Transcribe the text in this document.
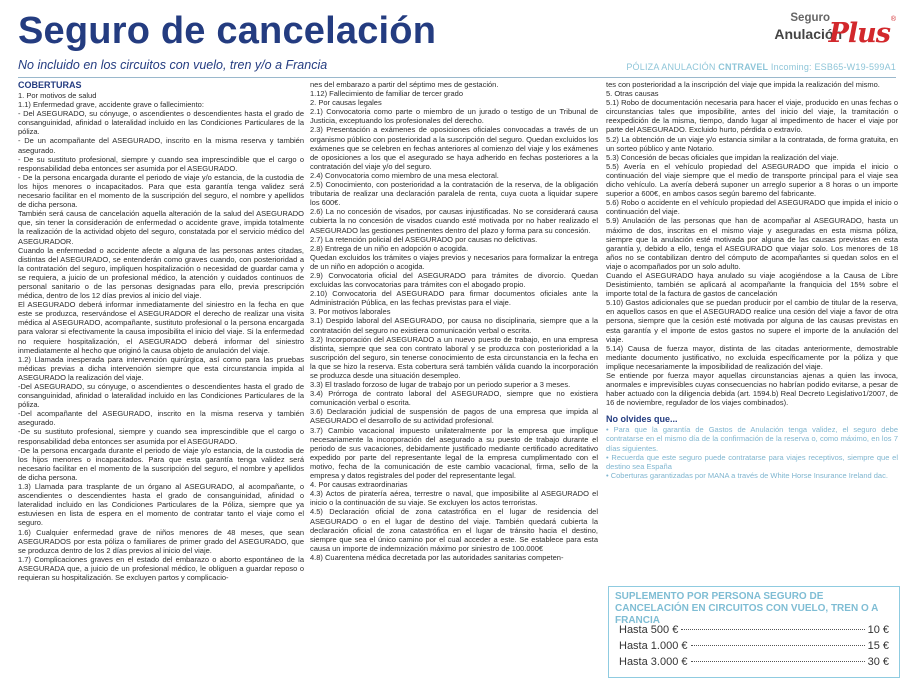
Seguro de cancelación
No incluido en los circuitos con vuelo, tren y/o a Francia	PÓLIZA ANULACIÓN CNTRAVEL Incoming: ESB65-W19-599A1
Seguro
Anulación
Plus ®

COBERTURAS

1. Por motivos de salud

1.1) Enfermedad grave, accidente grave o fallecimiento:

- Del ASEGURADO, su cónyuge, o ascendientes o descendientes hasta el grado de consanguinidad, afinidad o lateralidad incluido en las Condiciones Particulares de la póliza.

- De un acompañante del ASEGURADO, inscrito en la misma reserva y también asegurado.

- De su sustituto profesional, siempre y cuando sea imprescindible que el cargo o responsabilidad deba entonces ser asumida por el ASEGURADO.

- De la persona encargada durante el periodo de viaje y/o estancia, de la custodia de los hijos menores o incapacitados. Para que esta garantía tenga validez será necesario facilitar en el momento de la suscripción del seguro, el nombre y apellidos de dicha persona.

También será causa de cancelación aquella alteración de la salud del ASEGURADO que, sin tener la consideración de enfermedad o accidente grave, impida totalmente la realización de la actividad objeto del seguro, constatada por el servicio médico del ASEGURADOR.

Cuando la enfermedad o accidente afecte a alguna de las personas antes citadas, distintas del ASEGURADO, se entenderán como graves cuando, con posterioridad a la contratación del seguro, impliquen hospitalización o necesidad de guardar cama y se requiera, a juicio de un profesional médico, la atención y cuidados continuos de personal sanitario o de las personas designadas para ello, previa prescripción médica, dentro de los 12 días previos al inicio del viaje.

El ASEGURADO deberá informar inmediatamente del siniestro en la fecha en que este se produzca, reservándose el ASEGURADOR el derecho de realizar una visita médica al ASEGURADO, acompañante, sustituto profesional o la persona encargada para valorar si efectivamente la causa imposibilita el inicio del viaje. Si la enfermedad no requiere hospitalización, el ASEGURADO deberá informar del siniestro inmediatamente al hecho que originó la causa objeto de anulación del viaje.

1.2) Llamada inesperada para intervención quirúrgica, así como para las pruebas médicas previas a dicha intervención siempre que esta circunstancia impida al ASEGURADO la realización del viaje.

-Del ASEGURADO, su cónyuge, o ascendientes o descendientes hasta el grado de consanguinidad, afinidad o lateralidad incluido en las Condiciones Particulares de la póliza.

-Del acompañante del ASEGURADO, inscrito en la misma reserva y también asegurado.

-De su sustituto profesional, siempre y cuando sea imprescindible que el cargo o responsabilidad deba entonces ser asumida por el ASEGURADO.

-De la persona encargada durante el periodo de viaje y/o estancia, de la custodia de los hijos menores o incapacitados. Para que esta garantía tenga validez será necesario facilitar en el momento de la suscripción del seguro, el nombre y apellidos de dicha persona.

1.3) Llamada para trasplante de un órgano al ASEGURADO, al acompañante, o ascendientes o descendientes hasta el grado de consanguinidad, afinidad o lateralidad incluido en las Condiciones Particulares de la Póliza, siempre que ya estuviesen en lista de espera en el momento de contratar tanto el viaje como el seguro.

1.6) Cualquier enfermedad grave de niños menores de 48 meses, que sean ASEGURADOS por esta póliza o familiares de primer grado del ASEGURADO, que se produzca dentro de los 2 días previos al inicio del viaje.

1.7) Complicaciones graves en el estado del embarazo o aborto espontáneo de la ASEGURADA que, a juicio de un profesional médico, le obliguen a guardar reposo o requieran su hospitalización. Se excluyen partos y complicacio-

nes del embarazo a partir del séptimo mes de gestación.

1.12) Fallecimiento de familiar de tercer grado

2. Por causas legales

2.1) Convocatoria como parte o miembro de un jurado o testigo de un Tribunal de Justicia, exceptuando los profesionales del derecho.

2.3) Presentación a exámenes de oposiciones oficiales convocadas a través de un organismo público con posterioridad a la suscripción del seguro. Quedan excluidos los exámenes que se celebren en fechas anteriores al comienzo del viaje y los exámenes de oposiciones a los que el asegurado se haya adherido en fechas posteriores a la contratación del viaje y/o del seguro.

2.4) Convocatoria como miembro de una mesa electoral.

2.5) Conocimiento, con posterioridad a la contratación de la reserva, de la obligación tributaria de realizar una declaración paralela de renta, cuya cuota a liquidar supere los 600€.

2.6) La no concesión de visados, por causas injustificadas. No se considerará causa cubierta la no concesión de visados cuando esté motivada por no haber realizado el ASEGURADO las gestiones pertinentes dentro del plazo y forma para su concesión.

2.7) La retención policial del ASEGURADO por causas no delictivas.

2.8) Entrega de un niño en adopción o acogida.

Quedan excluidos los trámites o viajes previos y necesarios para formalizar la entrega de un niño en adopción o acogida.

2.9) Convocatoria oficial del ASEGURADO para trámites de divorcio. Quedan excluidas las convocatorias para trámites con el abogado propio.

2.10) Convocatoria del ASEGURADO para firmar documentos oficiales ante la Administración Pública, en las fechas previstas para el viaje.

3. Por motivos laborales

3.1) Despido laboral del ASEGURADO, por causa no disciplinaria, siempre que a la contratación del seguro no existiera comunicación verbal o escrita.

3.2) Incorporación del ASEGURADO a un nuevo puesto de trabajo, en una empresa distinta, siempre que sea con contrato laboral y se produzca con posterioridad a la suscripción del seguro, sin tenerse conocimiento de esta circunstancia en la fecha en la que se hizo la reserva. Esta cobertura será también válida cuando la incorporación se produzca desde una situación desempleo.

3.3) El traslado forzoso de lugar de trabajo por un periodo superior a 3 meses.

3.4) Prórroga de contrato laboral del ASEGURADO, siempre que no existiera comunicación verbal o escrita.

3.6) Declaración judicial de suspensión de pagos de una empresa que impida al ASEGURADO el desarrollo de su actividad profesional.

3.7) Cambio vacacional impuesto unilateralmente por la empresa que implique necesariamente la incorporación del asegurado a su puesto de trabajo durante el periodo de sus vacaciones, debidamente justificado mediante certificado acreditativo expedido por parte del representante legal de la empresa cumplimentado con el motivo, fecha de la comunicación de este cambio vacacional, firma, sello de la empresa y datos registrales del poder del representante legal.

4. Por causas extraordinarias

4.3) Actos de piratería aérea, terrestre o naval, que imposibilite al ASEGURADO el inicio o la continuación de su viaje. Se excluyen los actos terroristas.

4.5) Declaración oficial de zona catastrófica en el lugar de residencia del ASEGURADO o en el lugar de destino del viaje. También quedará cubierta la declaración oficial de zona catastrófica en el lugar de tránsito hacia el destino, siempre que sea el único camino por el cual acceder a este. Se establece para esta causa un importe de indemnización máximo por siniestro de 100.000€

4.8) Cuarentena médica decretada por las autoridades sanitarias competen-

tes con posterioridad a la inscripción del viaje que impida la realización del mismo.

5. Otras causas

5.1) Robo de documentación necesaria para hacer el viaje, producido en unas fechas o circunstancias tales que imposibilite, antes del inicio del viaje, la tramitación o reexpedición de la misma, tiempo, dando lugar al impedimento de hacer el viaje por parte del ASEGURADO. Excluido hurto, pérdida o extravío.

5.2) La obtención de un viaje y/o estancia similar a la contratada, de forma gratuita, en un sorteo público y ante Notario.

5.3) Concesión de becas oficiales que impidan la realización del viaje.

5.5) Avería en el vehículo propiedad del ASEGURADO que impida el inicio o continuación del viaje siempre que el medio de transporte principal para el viaje sea dicho vehículo. La avería deberá suponer un arreglo superior a 8 horas o un importe superior a 600€, en ambos casos según baremo del fabricante.

5.6) Robo o accidente en el vehículo propiedad del ASEGURADO que impida el inicio o continuación del viaje.

5.9) Anulación de las personas que han de acompañar al ASEGURADO, hasta un máximo de dos, inscritas en el mismo viaje y aseguradas en esta misma póliza, siempre que la anulación esté motivada por alguna de las causas previstas en esta garantía y, debido a ello, tenga el ASEGURADO que viajar solo. Los menores de 18 años no se contabilizan dentro del cómputo de acompañantes si quedan solos en el viaje o acompañados por un solo adulto.

Cuando el ASEGURADO haya anulado su viaje acogiéndose a la Causa de Libre Desistimiento, también se aplicará al acompañante la franquicia del 15% sobre el importe total de la factura de gastos de cancelación

5.10) Gastos adicionales que se puedan producir por el cambio de titular de la reserva, en aquellos casos en que el ASEGURADO realice una cesión del viaje a favor de otra persona, siempre que la cesión esté motivada por alguna de las causas previstas en esta garantía y el importe de estos gastos no supere el importe de la anulación del viaje.

5.14) Causa de fuerza mayor, distinta de las citadas anteriormente, demostrable mediante documento justificativo, no excluida específicamente por la póliza y que implique necesariamente la imposibilidad de realización del viaje.

Se entiende por fuerza mayor aquellas circunstancias ajenas a quien las invoca, anormales e imprevisibles cuyas consecuencias no habrían podido evitarse, a pesar de haber actuado con la diligencia debida (art. 1594.b) Real Decreto Legislativo1/2007, de 16 de noviembre, regulador de los viajes combinados).

No olvides que...

• Para que la garantía de Gastos de Anulación tenga validez, el seguro debe contratarse en el mismo día de la confirmación de la reserva o, como máximo, en los 7 días siguientes.

• Recuerda que este seguro puede contratarse para viajes receptivos, siempre que el destino sea España

• Coberturas garantizadas por MANA a través de White Horse Insurance Ireland dac.

SUPLEMENTO POR PERSONA SEGURO DE CANCELACIÓN EN CIRCUITOS CON VUELO, TREN O A FRANCIA
Hasta 500 €	10 €
Hasta 1.000 €	15 €
Hasta 3.000 €	30 €
